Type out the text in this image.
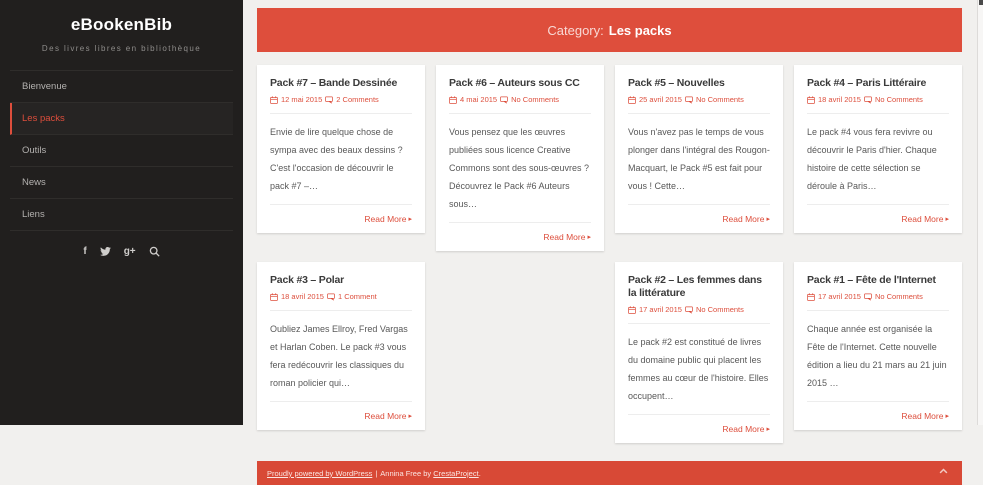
eBookenBib

Des livres libres en bibliothèque

Bienvenue
Les packs
Outils
News
Liens
f	g+
Category: Les packs
Pack #7 – Bande Dessinée
12 mai 2015 2 Comments

Envie de lire quelque chose de sympa avec des beaux dessins ? C'est l'occasion de découvrir le pack #7 –…

Read More ▸
Pack #6 – Auteurs sous CC
4 mai 2015 No Comments

Vous pensez que les œuvres publiées sous licence Creative Commons sont des sous-œuvres ? Découvrez le Pack #6 Auteurs sous…

Read More ▸
Pack #5 – Nouvelles
25 avril 2015 No Comments

Vous n'avez pas le temps de vous plonger dans l'intégral des Rougon-Macquart, le Pack #5 est fait pour vous ! Cette…

Read More ▸
Pack #4 – Paris Littéraire
18 avril 2015 No Comments

Le pack #4 vous fera revivre ou découvrir le Paris d'hier. Chaque histoire de cette sélection se déroule à Paris…

Read More ▸
Pack #3 – Polar
18 avril 2015 1 Comment

Oubliez James Ellroy, Fred Vargas et Harlan Coben. Le pack #3 vous fera redécouvrir les classiques du roman policier qui…

Read More ▸
Pack #2 – Les femmes dans la littérature
17 avril 2015 No Comments

Le pack #2 est constitué de livres du domaine public qui placent les femmes au cœur de l'histoire. Elles occupent…

Read More ▸
Pack #1 – Fête de l'Internet
17 avril 2015 No Comments

Chaque année est organisée la Fête de l'Internet. Cette nouvelle édition a lieu du 21 mars au 21 juin 2015 …

Read More ▸
Proudly powered by WordPress | Annina Free by
CrestaProject .
